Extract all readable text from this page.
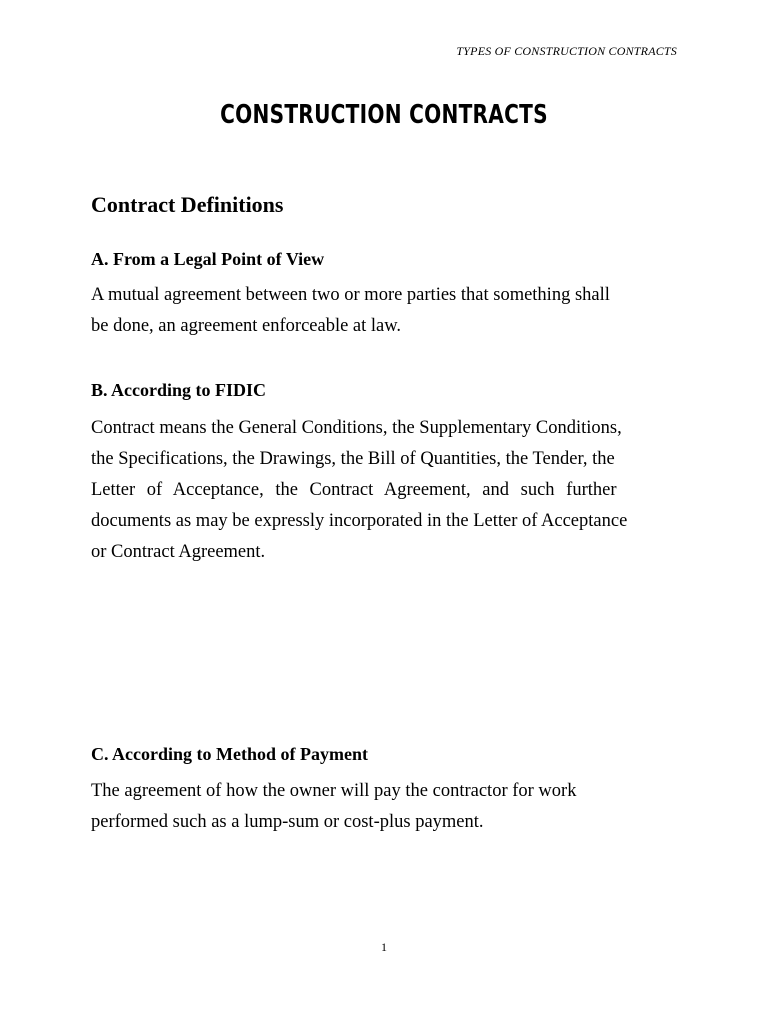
TYPES OF CONSTRUCTION CONTRACTS
CONSTRUCTION CONTRACTS
Contract Definitions
A. From a Legal Point of View
A mutual agreement between two or more parties that something shall
be done, an agreement enforceable at law.
B. According to FIDIC
Contract means the General Conditions, the Supplementary Conditions,
the Specifications, the Drawings, the Bill of Quantities, the Tender, the
Letter of Acceptance, the Contract Agreement, and such further
documents as may be expressly incorporated in the Letter of Acceptance
or Contract Agreement.
C. According to Method of Payment
The agreement of how the owner will pay the contractor for work
performed such as a lump-sum or cost-plus payment.
1
